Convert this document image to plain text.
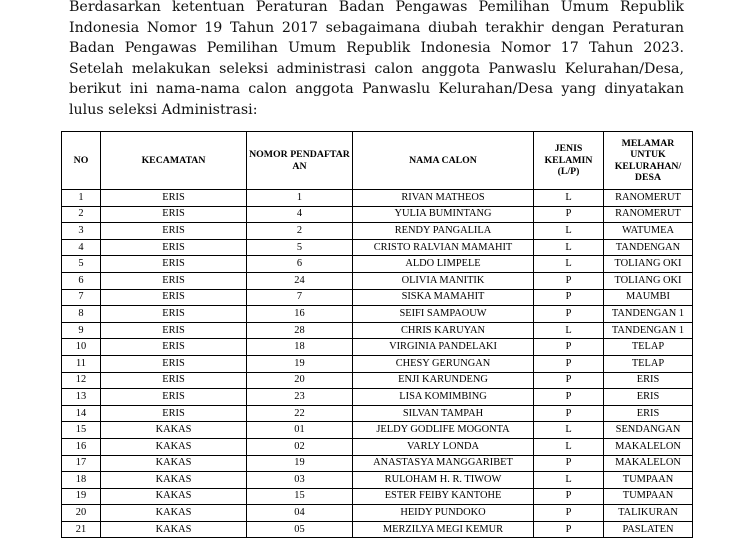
Berdasarkan ketentuan Peraturan Badan Pengawas Pemilihan Umum Republik
Indonesia Nomor 19 Tahun 2017 sebagaimana diubah terakhir dengan Peraturan
Badan Pengawas Pemilihan Umum Republik Indonesia Nomor 17 Tahun 2023.
Setelah melakukan seleksi administrasi calon anggota Panwaslu Kelurahan/Desa,
berikut ini nama-nama calon anggota Panwaslu Kelurahan/Desa yang dinyatakan
lulus seleksi Administrasi:

NO	KECAMATAN	NOMOR PENDAFTAR AN	NAMA CALON	JENIS KELAMIN (L/P)	MELAMAR UNTUK KELURAHAN/ DESA
1	ERIS	1	RIVAN MATHEOS	L	RANOMERUT
2	ERIS	4	YULIA BUMINTANG	P	RANOMERUT
3	ERIS	2	RENDY PANGALILA	L	WATUMEA
4	ERIS	5	CRISTO RALVIAN MAMAHIT	L	TANDENGAN
5	ERIS	6	ALDO LIMPELE	L	TOLIANG OKI
6	ERIS	24	OLIVIA MANITIK	P	TOLIANG OKI
7	ERIS	7	SISKA MAMAHIT	P	MAUMBI
8	ERIS	16	SEIFI SAMPAOUW	P	TANDENGAN 1
9	ERIS	28	CHRIS KARUYAN	L	TANDENGAN 1
10	ERIS	18	VIRGINIA PANDELAKI	P	TELAP
11	ERIS	19	CHESY GERUNGAN	P	TELAP
12	ERIS	20	ENJI KARUNDENG	P	ERIS
13	ERIS	23	LISA KOMIMBING	P	ERIS
14	ERIS	22	SILVAN TAMPAH	P	ERIS
15	KAKAS	01	JELDY GODLIFE MOGONTA	L	SENDANGAN
16	KAKAS	02	VARLY LONDA	L	MAKALELON
17	KAKAS	19	ANASTASYA MANGGARIBET	P	MAKALELON
18	KAKAS	03	RULOHAM H. R. TIWOW	L	TUMPAAN
19	KAKAS	15	ESTER FEIBY KANTOHE	P	TUMPAAN
20	KAKAS	04	HEIDY PUNDOKO	P	TALIKURAN
21	KAKAS	05	MERZILYA MEGI KEMUR	P	PASLATEN
